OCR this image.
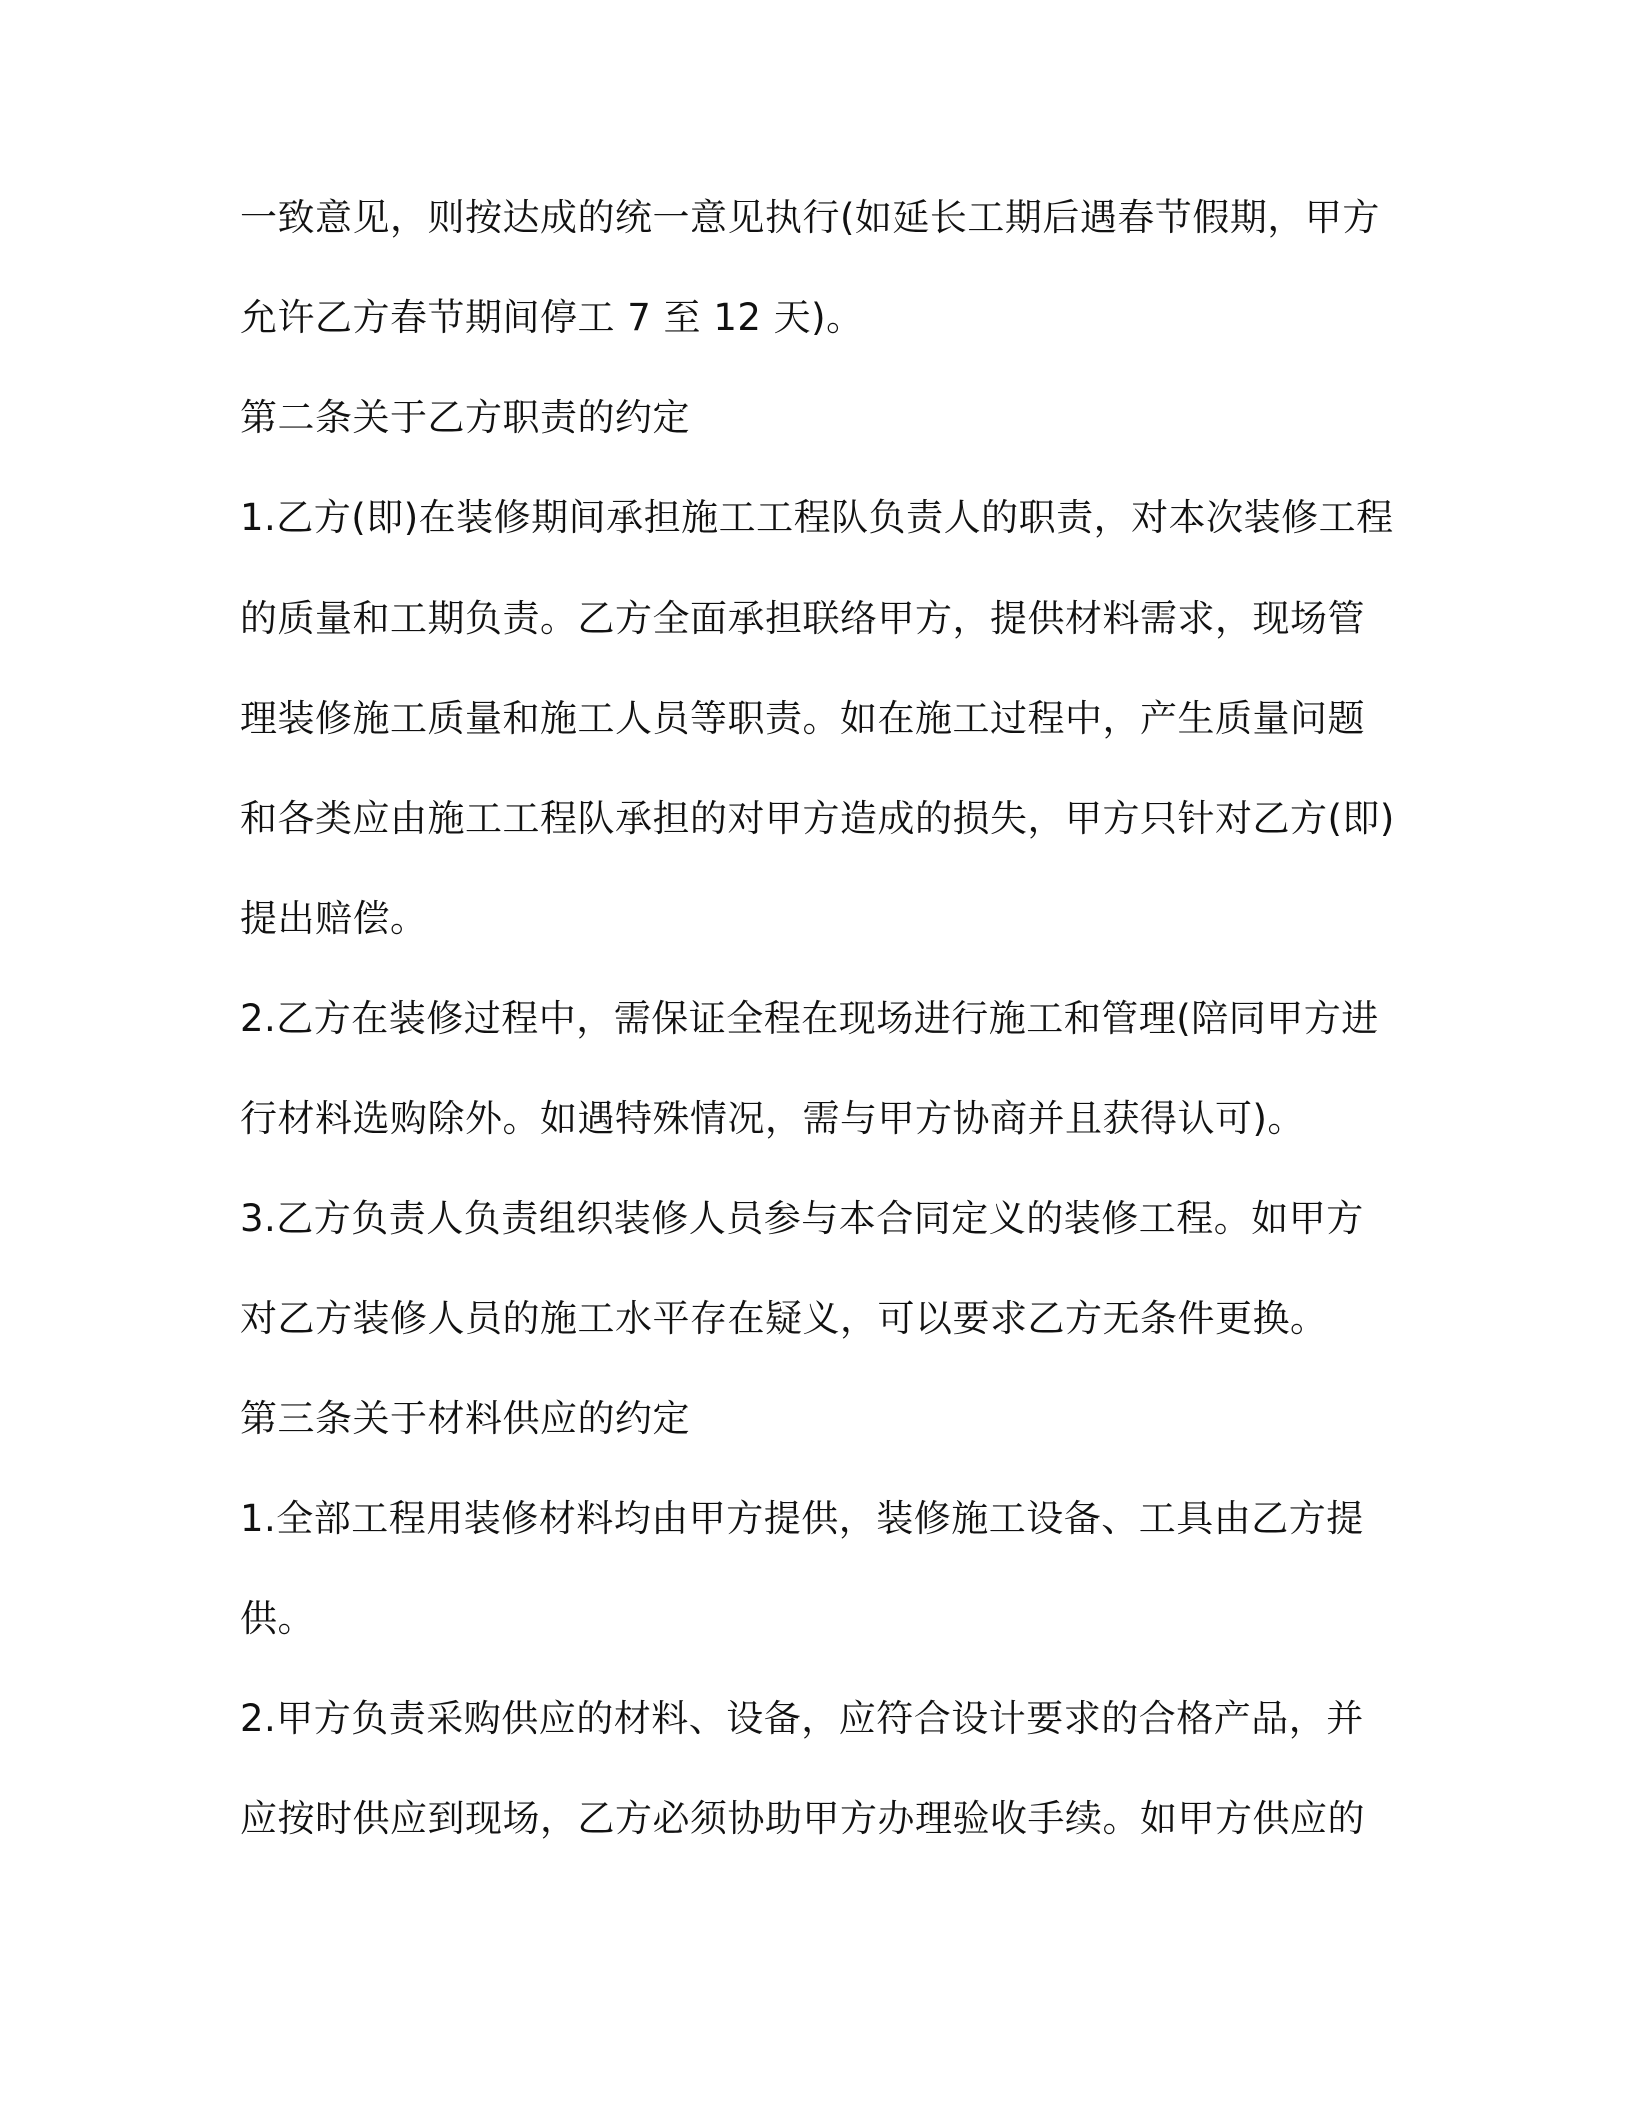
一致意见，则按达成的统一意见执行(如延长工期后遇春节假期，甲方
允许乙方春节期间停工 7 至 12 天)。
第二条关于乙方职责的约定
1.乙方(即)在装修期间承担施工工程队负责人的职责，对本次装修工程
的质量和工期负责。乙方全面承担联络甲方，提供材料需求，现场管
理装修施工质量和施工人员等职责。如在施工过程中，产生质量问题
和各类应由施工工程队承担的对甲方造成的损失，甲方只针对乙方(即)
提出赔偿。
2.乙方在装修过程中，需保证全程在现场进行施工和管理(陪同甲方进
行材料选购除外。如遇特殊情况，需与甲方协商并且获得认可)。
3.乙方负责人负责组织装修人员参与本合同定义的装修工程。如甲方
对乙方装修人员的施工水平存在疑义，可以要求乙方无条件更换。
第三条关于材料供应的约定
1.全部工程用装修材料均由甲方提供，装修施工设备、工具由乙方提
供。
2.甲方负责采购供应的材料、设备，应符合设计要求的合格产品，并
应按时供应到现场，乙方必须协助甲方办理验收手续。如甲方供应的
